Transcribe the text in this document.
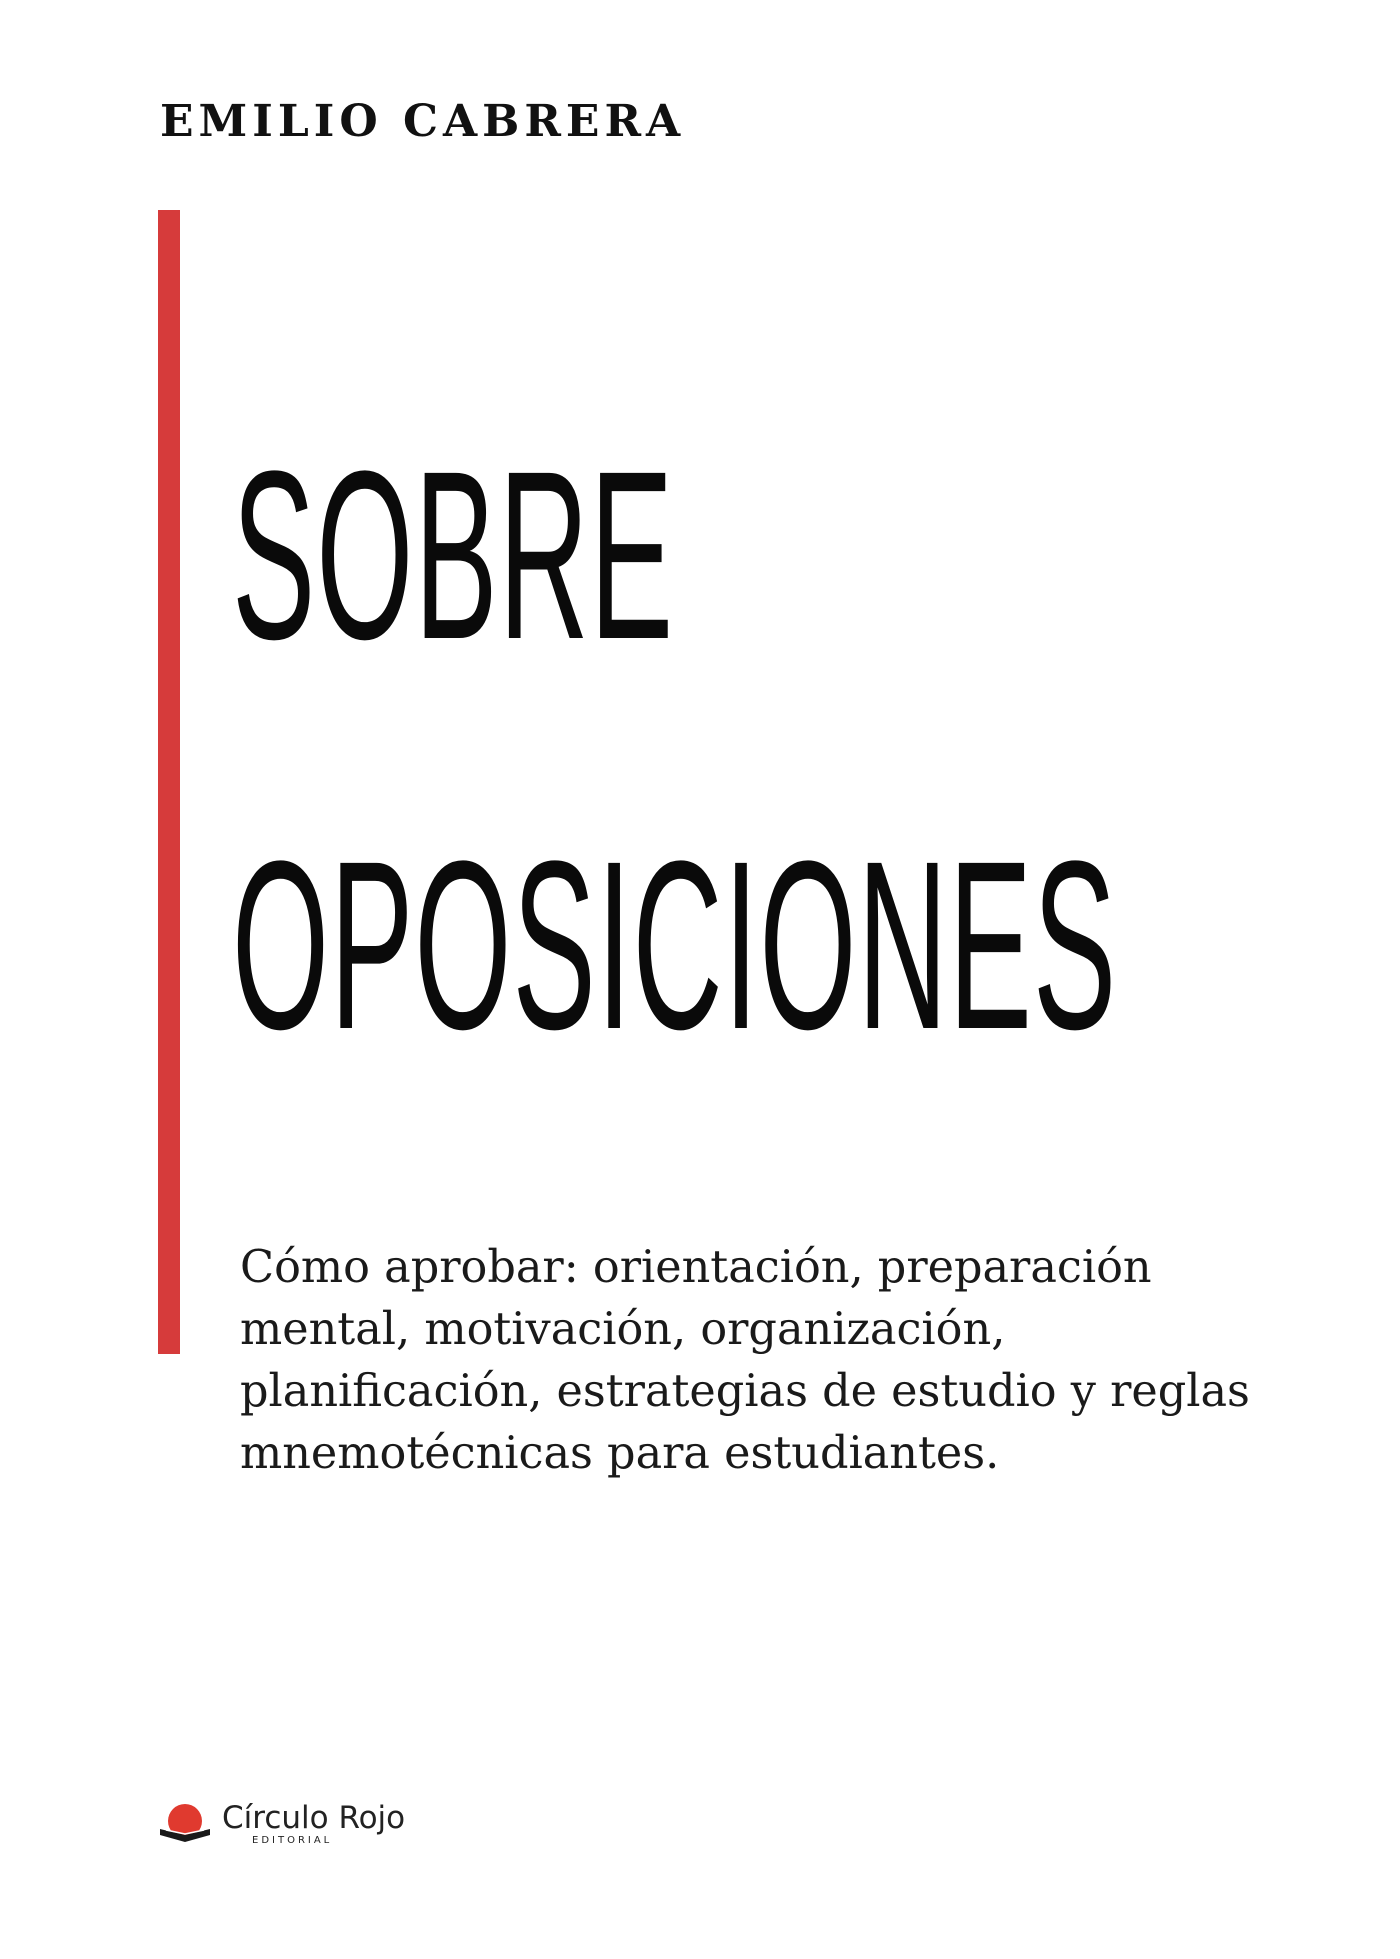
EMILIO CABRERA
SOBRE
OPOSICIONES
Cómo aprobar: orientación, preparación mental, motivación, organización, planificación, estrategias de estudio y reglas mnemotécnicas para estudiantes.
Círculo Rojo
EDITORIAL
